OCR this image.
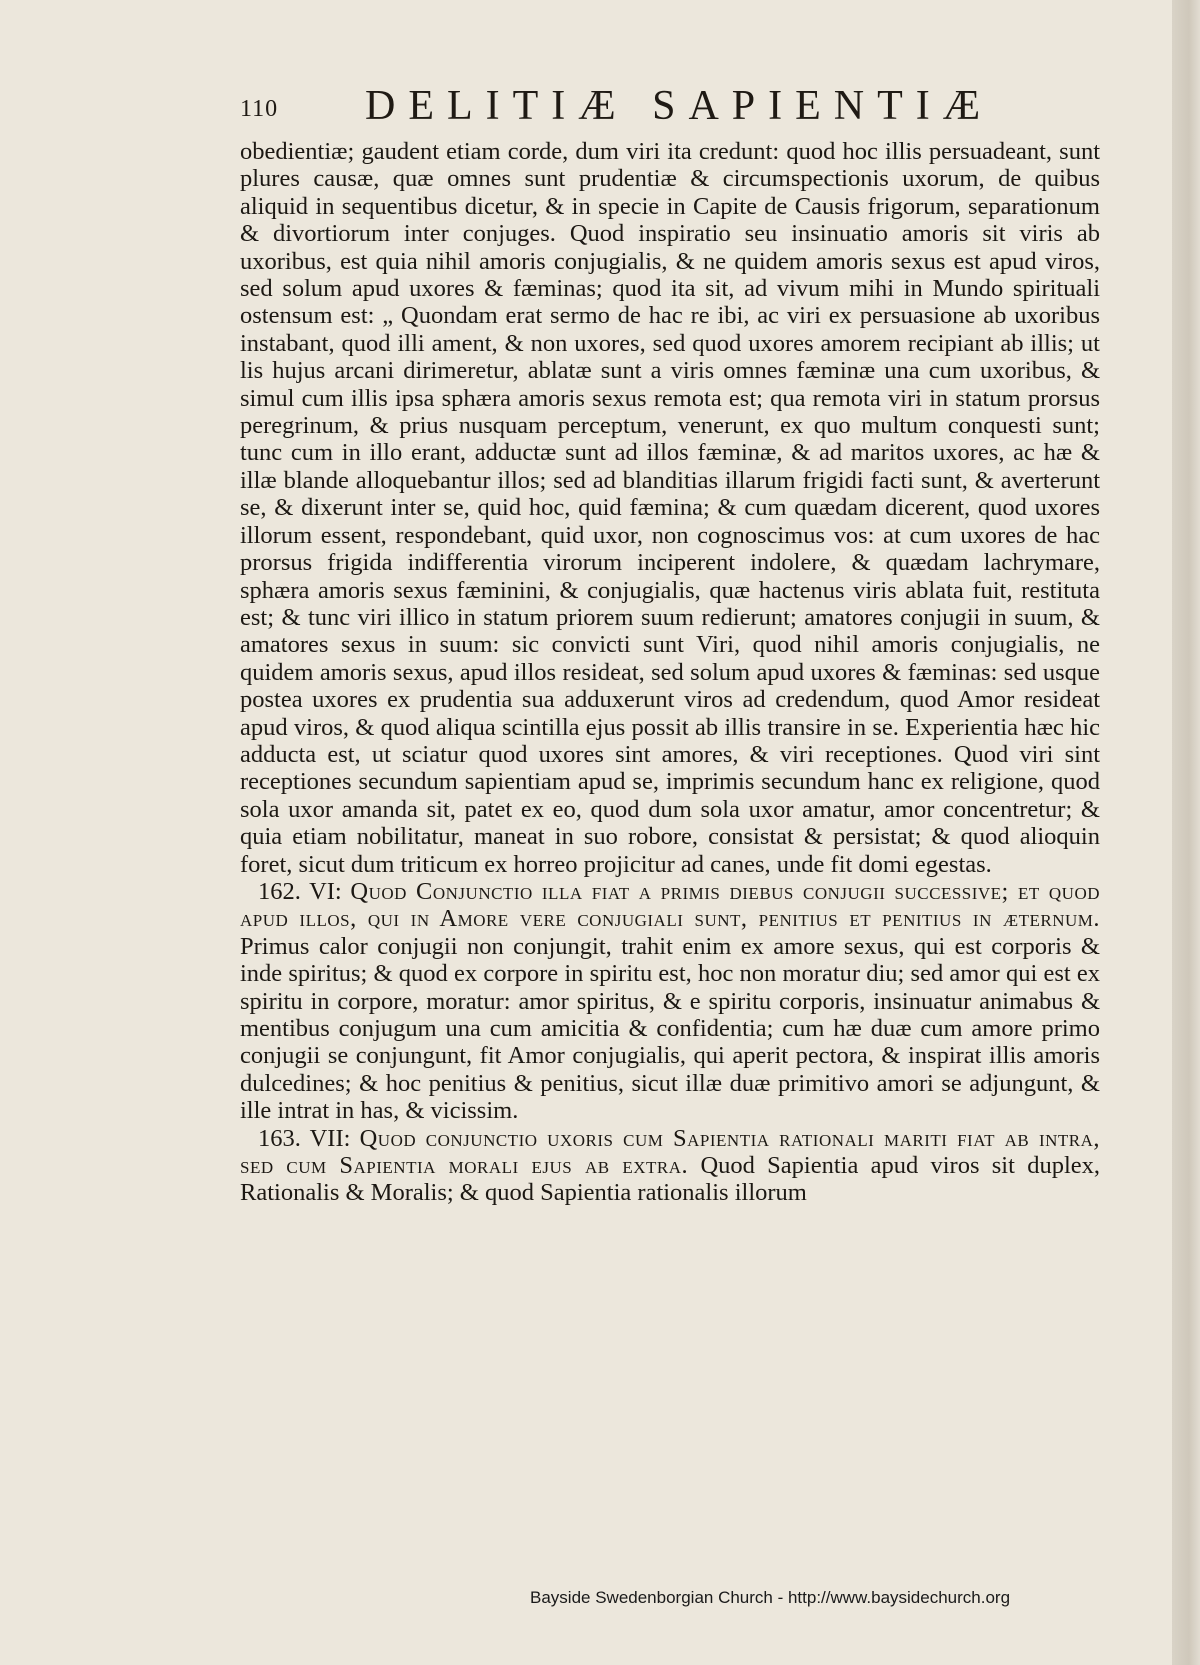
110 DELITIÆ SAPIENTIÆ

obedientiæ; gaudent etiam corde, dum viri ita credunt: quod hoc illis persuadeant, sunt plures causæ, quæ omnes sunt prudentiæ & circumspectionis uxorum, de quibus aliquid in sequentibus dicetur, & in specie in Capite de Causis frigorum, separationum & divortiorum inter conjuges. Quod inspiratio seu insinuatio amoris sit viris ab uxoribus, est quia nihil amoris conjugialis, & ne quidem amoris sexus est apud viros, sed solum apud uxores & fæminas; quod ita sit, ad vivum mihi in Mundo spirituali ostensum est: „ Quondam erat sermo de hac re ibi, ac viri ex persuasione ab uxoribus instabant, quod illi ament, & non uxores, sed quod uxores amorem recipiant ab illis; ut lis hujus arcani dirimeretur, ablatæ sunt a viris omnes fæminæ una cum uxoribus, & simul cum illis ipsa sphæra amoris sexus remota est; qua remota viri in statum prorsus peregrinum, & prius nusquam perceptum, venerunt, ex quo multum conquesti sunt; tunc cum in illo erant, adductæ sunt ad illos fæminæ, & ad maritos uxores, ac hæ & illæ blande alloquebantur illos; sed ad blanditias illarum frigidi facti sunt, & averterunt se, & dixerunt inter se, quid hoc, quid fæmina; & cum quædam dicerent, quod uxores illorum essent, respondebant, quid uxor, non cognoscimus vos: at cum uxores de hac prorsus frigida indifferentia virorum inciperent indolere, & quædam lachrymare, sphæra amoris sexus fæminini, & conjugialis, quæ hactenus viris ablata fuit, restituta est; & tunc viri illico in statum priorem suum redierunt; amatores conjugii in suum, & amatores sexus in suum: sic convicti sunt Viri, quod nihil amoris conjugialis, ne quidem amoris sexus, apud illos resideat, sed solum apud uxores & fæminas: sed usque postea uxores ex prudentia sua adduxerunt viros ad credendum, quod Amor resideat apud viros, & quod aliqua scintilla ejus possit ab illis transire in se. Experientia hæc hic adducta est, ut sciatur quod uxores sint amores, & viri receptiones. Quod viri sint receptiones secundum sapientiam apud se, imprimis secundum hanc ex religione, quod sola uxor amanda sit, patet ex eo, quod dum sola uxor amatur, amor concentretur; & quia etiam nobilitatur, maneat in suo robore, consistat & persistat; & quod alioquin foret, sicut dum triticum ex horreo projicitur ad canes, unde fit domi egestas.

162. VI: Quod Conjunctio illa fiat a primis diebus conjugii successive; et quod apud illos, qui in Amore vere conjugiali sunt, penitius et penitius in æternum. Primus calor conjugii non conjungit, trahit enim ex amore sexus, qui est corporis & inde spiritus; & quod ex corpore in spiritu est, hoc non moratur diu; sed amor qui est ex spiritu in corpore, moratur: amor spiritus, & e spiritu corporis, insinuatur animabus & mentibus conjugum una cum amicitia & confidentia; cum hæ duæ cum amore primo conjugii se conjungunt, fit Amor conjugialis, qui aperit pectora, & inspirat illis amoris dulcedines; & hoc penitius & penitius, sicut illæ duæ primitivo amori se adjungunt, & ille intrat in has, & vicissim.

163. VII: Quod conjunctio uxoris cum Sapientia rationali mariti fiat ab intra, sed cum Sapientia morali ejus ab extra. Quod Sapientia apud viros sit duplex, Rationalis & Moralis; & quod Sapientia rationalis illorum

Bayside Swedenborgian Church - http://www.baysidechurch.org
